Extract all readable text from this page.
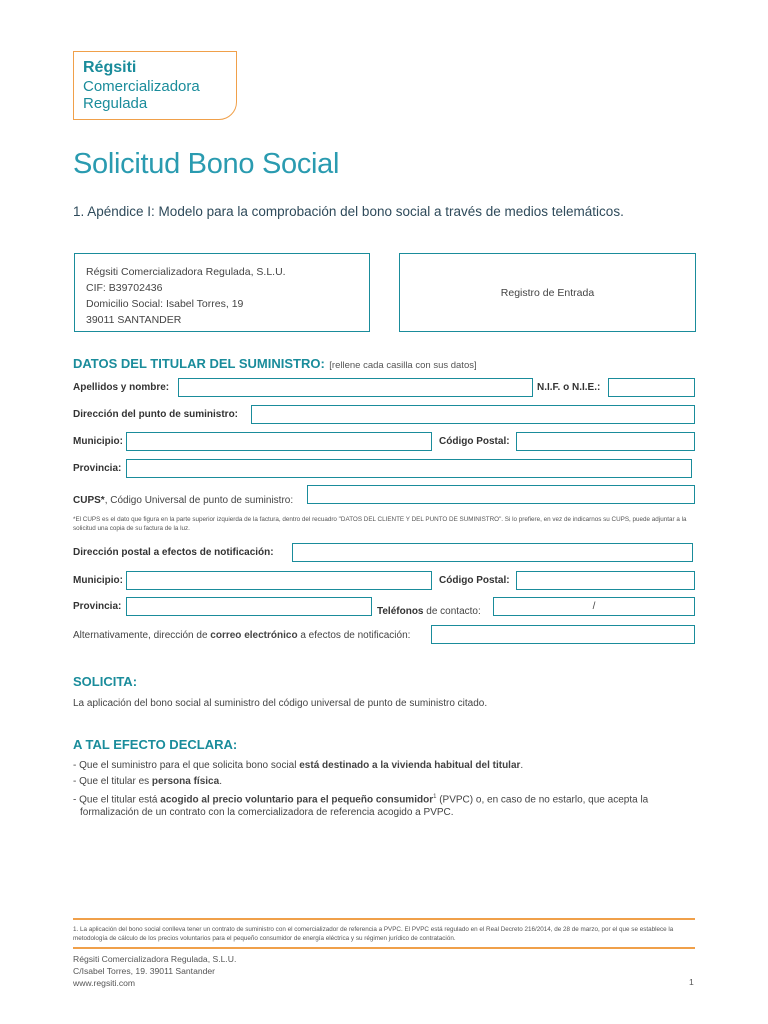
Régsiti
Comercializadora
Regulada
Solicitud Bono Social
1. Apéndice I: Modelo para la comprobación del bono social a través de medios telemáticos.
Régsiti Comercializadora Regulada, S.L.U.
CIF: B39702436
Domicilio Social: Isabel Torres, 19
39011 SANTANDER
Registro de Entrada
DATOS DEL TITULAR DEL SUMINISTRO: [rellene cada casilla con sus datos]
Apellidos y nombre:	N.I.F. o N.I.E.:
Dirección del punto de suministro:
Municipio:	Código Postal:
Provincia:
CUPS*, Código Universal de punto de suministro:
*El CUPS es el dato que figura en la parte superior izquierda de la factura, dentro del recuadro "DATOS DEL CLIENTE Y DEL PUNTO DE SUMINISTRO". Si lo prefiere, en vez de indicarnos su CUPS, puede adjuntar a la solicitud una copia de su factura de la luz.
Dirección postal a efectos de notificación:
Municipio:	Código Postal:
Provincia:	Teléfonos de contacto:	/
Alternativamente, dirección de correo electrónico a efectos de notificación:
SOLICITA:
La aplicación del bono social al suministro del código universal de punto de suministro citado.
A TAL EFECTO DECLARA:
- Que el suministro para el que solicita bono social está destinado a la vivienda habitual del titular.
- Que el titular es persona física.
- Que el titular está acogido al precio voluntario para el pequeño consumidor$^1$ (PVPC) o, en caso de no estarlo, que acepta la
formalización de un contrato con la comercializadora de referencia acogido a PVPC.
1. La aplicación del bono social conlleva tener un contrato de suministro con el comercializador de referencia a PVPC. El PVPC está regulado en el Real Decreto 216/2014, de 28 de marzo, por el que se establece la metodología de cálculo de los precios voluntarios para el pequeño consumidor de energía eléctrica y su régimen jurídico de contratación.
Régsiti Comercializadora Regulada, S.L.U.
C/Isabel Torres, 19. 39011 Santander
www.regsiti.com	1
